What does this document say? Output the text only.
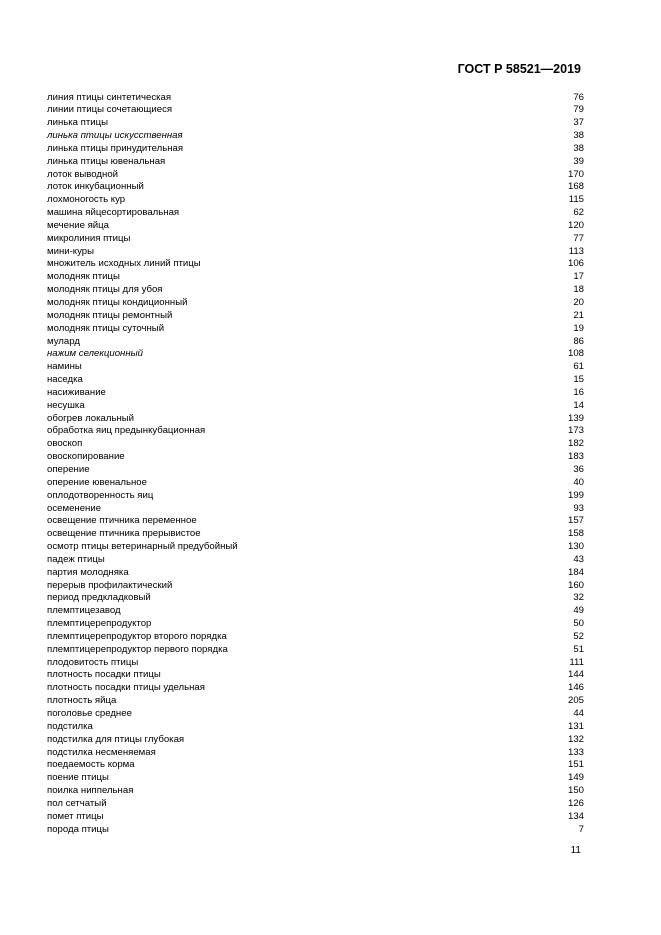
ГОСТ Р 58521—2019
линия птицы синтетическая	76
линии птицы сочетающиеся	79
линька птицы	37
линька птицы искусственная	38
линька птицы принудительная	38
линька птицы ювенальная	39
лоток выводной	170
лоток инкубационный	168
лохмоногость кур	115
машина яйцесортировальная	62
мечение яйца	120
микролиния птицы	77
мини-куры	113
множитель исходных линий птицы	106
молодняк птицы	17
молодняк птицы для убоя	18
молодняк птицы кондиционный	20
молодняк птицы ремонтный	21
молодняк птицы суточный	19
мулард	86
нажим селекционный	108
намины	61
наседка	15
насиживание	16
несушка	14
обогрев локальный	139
обработка яиц предынкубационная	173
овоскоп	182
овоскопирование	183
оперение	36
оперение ювенальное	40
оплодотворенность яиц	199
осеменение	93
освещение птичника переменное	157
освещение птичника прерывистое	158
осмотр птицы ветеринарный предубойный	130
падеж птицы	43
партия молодняка	184
перерыв профилактический	160
период предкладковый	32
племптицезавод	49
племптицерепродуктор	50
племптицерепродуктор второго порядка	52
племптицерепродуктор первого порядка	51
плодовитость птицы	111
плотность посадки птицы	144
плотность посадки птицы удельная	146
плотность яйца	205
поголовье среднее	44
подстилка	131
подстилка для птицы глубокая	132
подстилка несменяемая	133
поедаемость корма	151
поение птицы	149
поилка ниппельная	150
пол сетчатый	126
помет птицы	134
порода птицы	7
11
